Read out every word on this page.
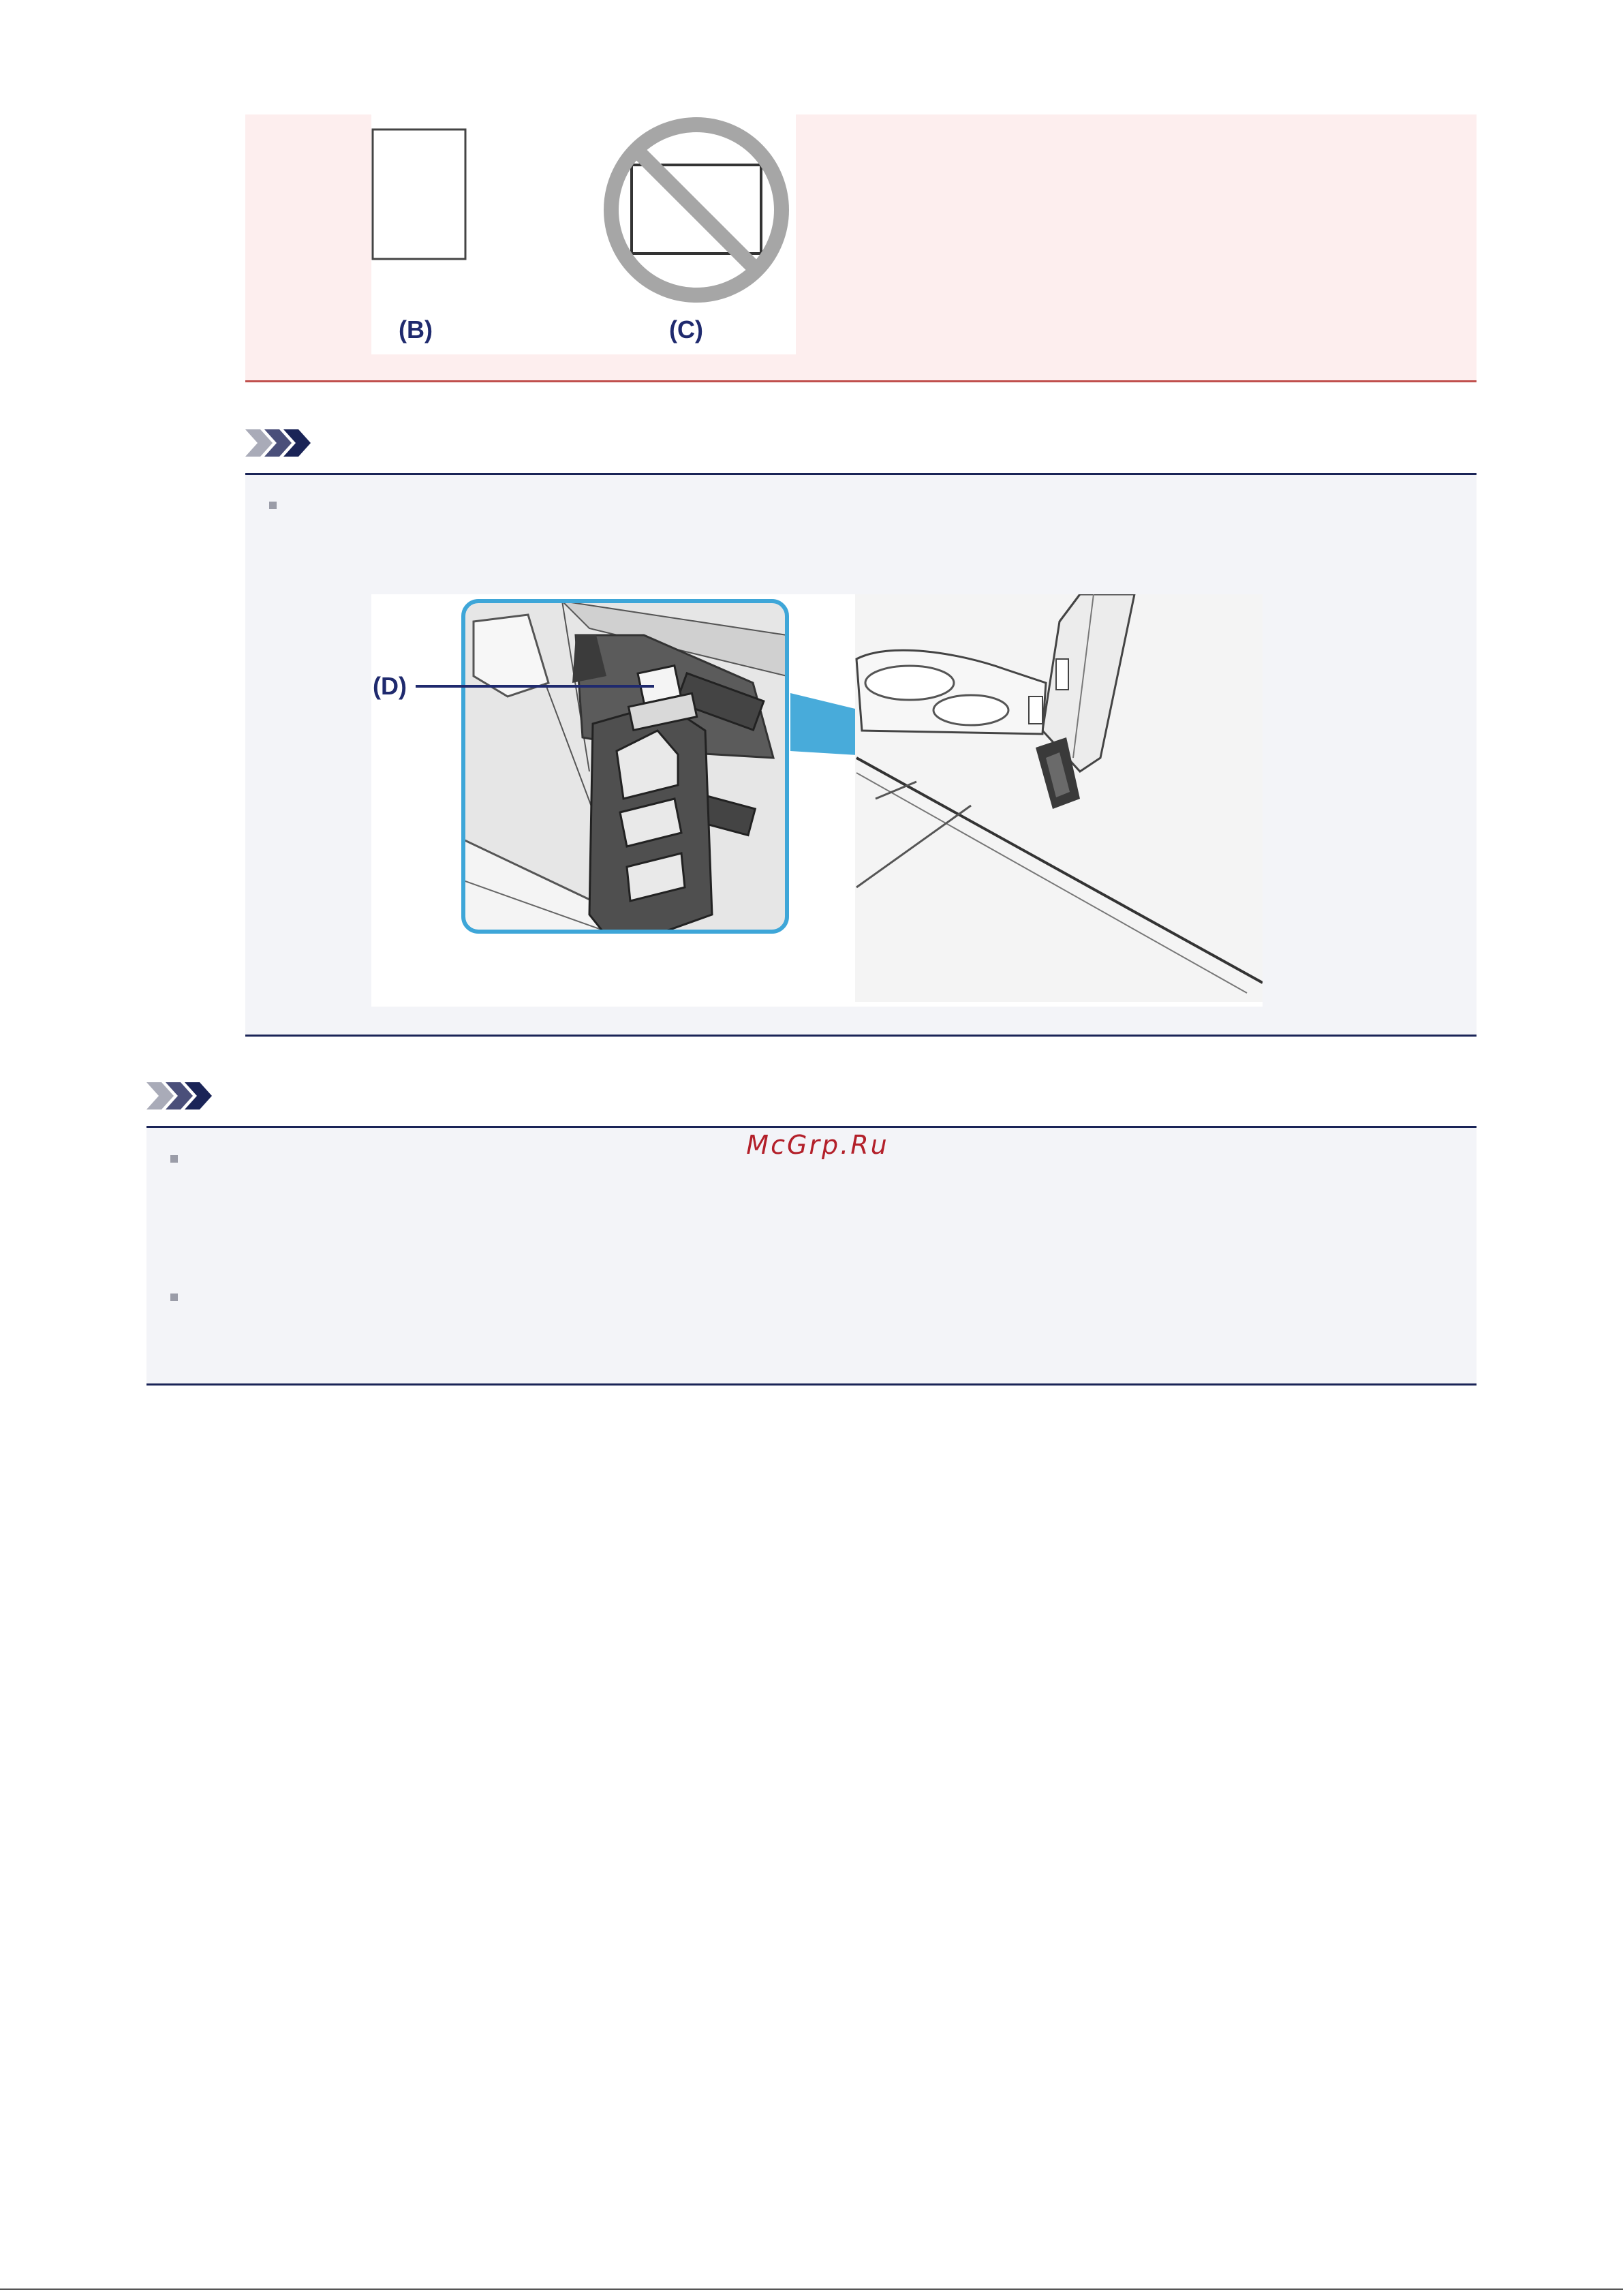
(B)	(C)
(D)
McGrp.Ru
